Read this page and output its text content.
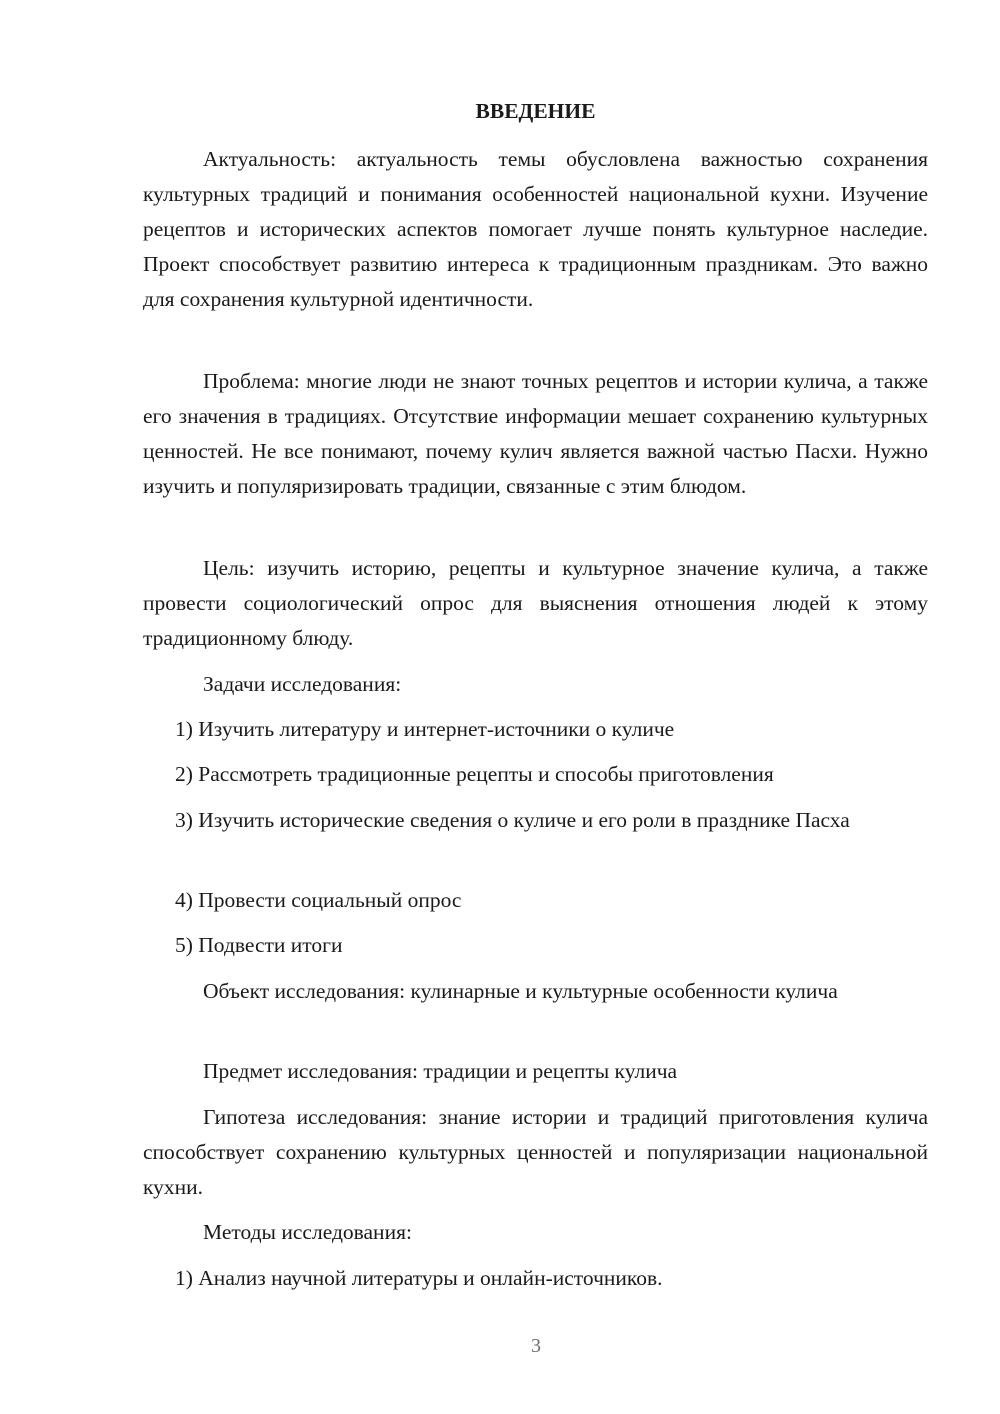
ВВЕДЕНИЕ

Актуальность: актуальность темы обусловлена важностью сохранения культурных традиций и понимания особенностей национальной кухни. Изучение рецептов и исторических аспектов помогает лучше понять культурное наследие. Проект способствует развитию интереса к традиционным праздникам. Это важно для сохранения культурной идентичности.

Проблема: многие люди не знают точных рецептов и истории кулича, а также его значения в традициях. Отсутствие информации мешает сохранению культурных ценностей. Не все понимают, почему кулич является важной частью Пасхи. Нужно изучить и популяризировать традиции, связанные с этим блюдом.

Цель: изучить историю, рецепты и культурное значение кулича, а также провести социологический опрос для выяснения отношения людей к этому традиционному блюду.

Задачи исследования:

1) Изучить литературу и интернет-источники о куличе

2) Рассмотреть традиционные рецепты и способы приготовления

3) Изучить исторические сведения о куличе и его роли в празднике Пасха

4) Провести социальный опрос

5) Подвести итоги

Объект исследования: кулинарные и культурные особенности кулича

Предмет исследования: традиции и рецепты кулича

Гипотеза исследования: знание истории и традиций приготовления кулича способствует сохранению культурных ценностей и популяризации национальной кухни.

Методы исследования:

1) Анализ научной литературы и онлайн-источников.

3
